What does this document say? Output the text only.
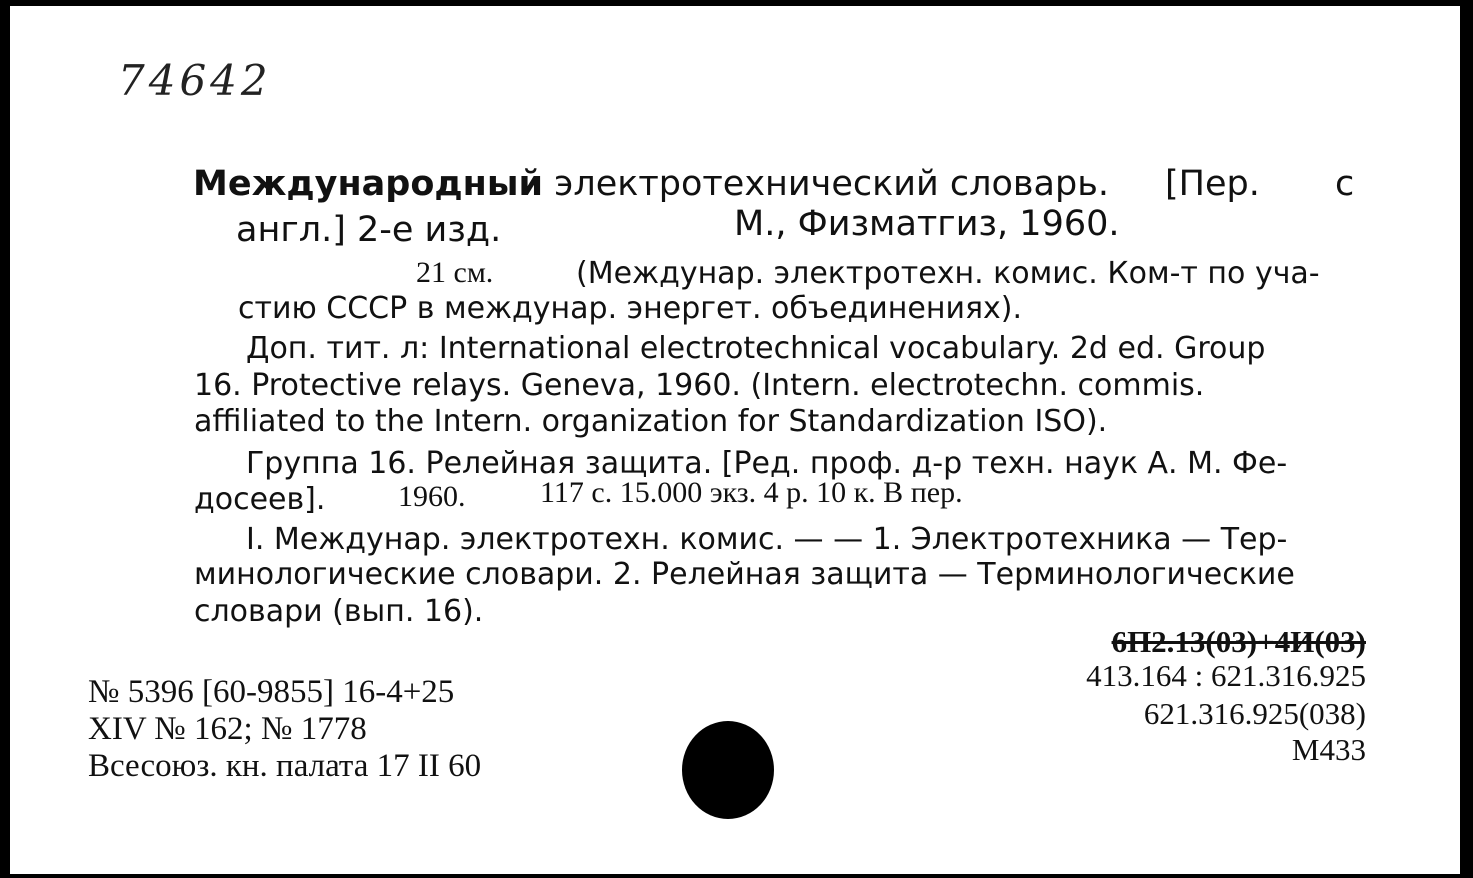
74642
Международный электротехнический словарь. [Пер. с
англ.] 2-е изд.	М., Физматгиз, 1960.
21 см.	(Междунар. электротехн. комис. Ком-т по уча-
стию СССР в междунар. энергет. объединениях).
Доп. тит. л: International electrotechnical vocabulary. 2d ed. Group
16. Protective relays. Geneva, 1960. (Intern. electrotechn. commis.
affiliated to the Intern. organization for Standardization ISO).
Группа 16. Релейная защита. [Ред. проф. д-р техн. наук А. М. Фе-
досеев]. 1960. 117 с. 15.000 экз. 4 р. 10 к. В пер.
I. Междунар. электротехн. комис. — — 1. Электротехника — Тер-
минологические словари. 2. Релейная защита — Терминологические
словари (вып. 16).
№ 5396 [60-9855] 16-4+25
XIV № 162; № 1778
Всесоюз. кн. палата 17 II 60
6П2.13(03)+4И(03)
413.164 : 621.316.925
621.316.925(038)
М433
